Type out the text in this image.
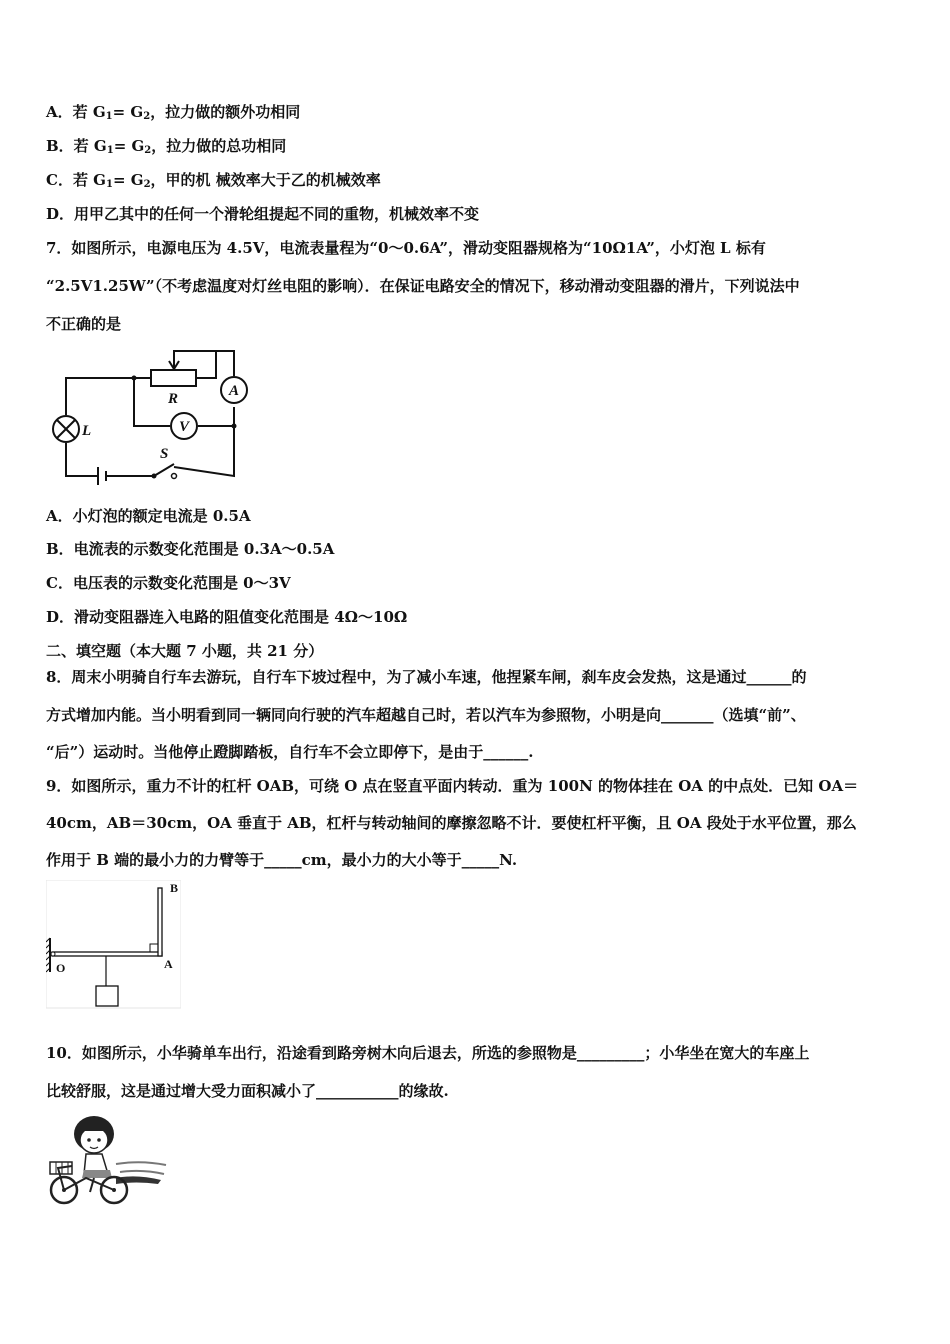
A．若 $G_1= G_2$，拉力做的额外功相同
B．若 $G_1= G_2$，拉力做的总功相同
C．若 $G_1= G_2$，甲的机 械效率大于乙的机械效率
D．用甲乙其中的任何一个滑轮组提起不同的重物，机械效率不变
7．如图所示，电源电压为 4.5V，电流表量程为“0～0.6A”，滑动变阻器规格为“10Ω1A”，小灯泡 L 标有
“2.5V1.25W”（不考虑温度对灯丝电阻的影响）．在保证电路安全的情况下，移动滑动变阻器的滑片，下列说法中
不正确的是
L
R	A
V
S
A．小灯泡的额定电流是 0.5A
B．电流表的示数变化范围是 0.3A～0.5A
C．电压表的示数变化范围是 0～3V
D．滑动变阻器连入电路的阻值变化范围是 4Ω～10Ω
二、填空题（本大题 7 小题，共 21 分）
8．周末小明骑自行车去游玩，自行车下坡过程中，为了减小车速，他捏紧车闸，刹车皮会发热，这是通过______的
方式增加内能。当小明看到同一辆同向行驶的汽车超越自己时，若以汽车为参照物，小明是向_______（选填“前”、
“后”）运动时。当他停止蹬脚踏板，自行车不会立即停下，是由于______.
9．如图所示，重力不计的杠杆 OAB，可绕 O 点在竖直平面内转动．重为 100N 的物体挂在 OA 的中点处．已知 OA＝
40cm，AB＝30cm，OA 垂直于 AB，杠杆与转动轴间的摩擦忽略不计．要使杠杆平衡，且 OA 段处于水平位置，那么
作用于 B 端的最小力的力臂等于_____cm，最小力的大小等于_____N.
O	A
B
10．如图所示，小华骑单车出行，沿途看到路旁树木向后退去，所选的参照物是_________；小华坐在宽大的车座上
比较舒服，这是通过增大受力面积减小了___________的缘故.
